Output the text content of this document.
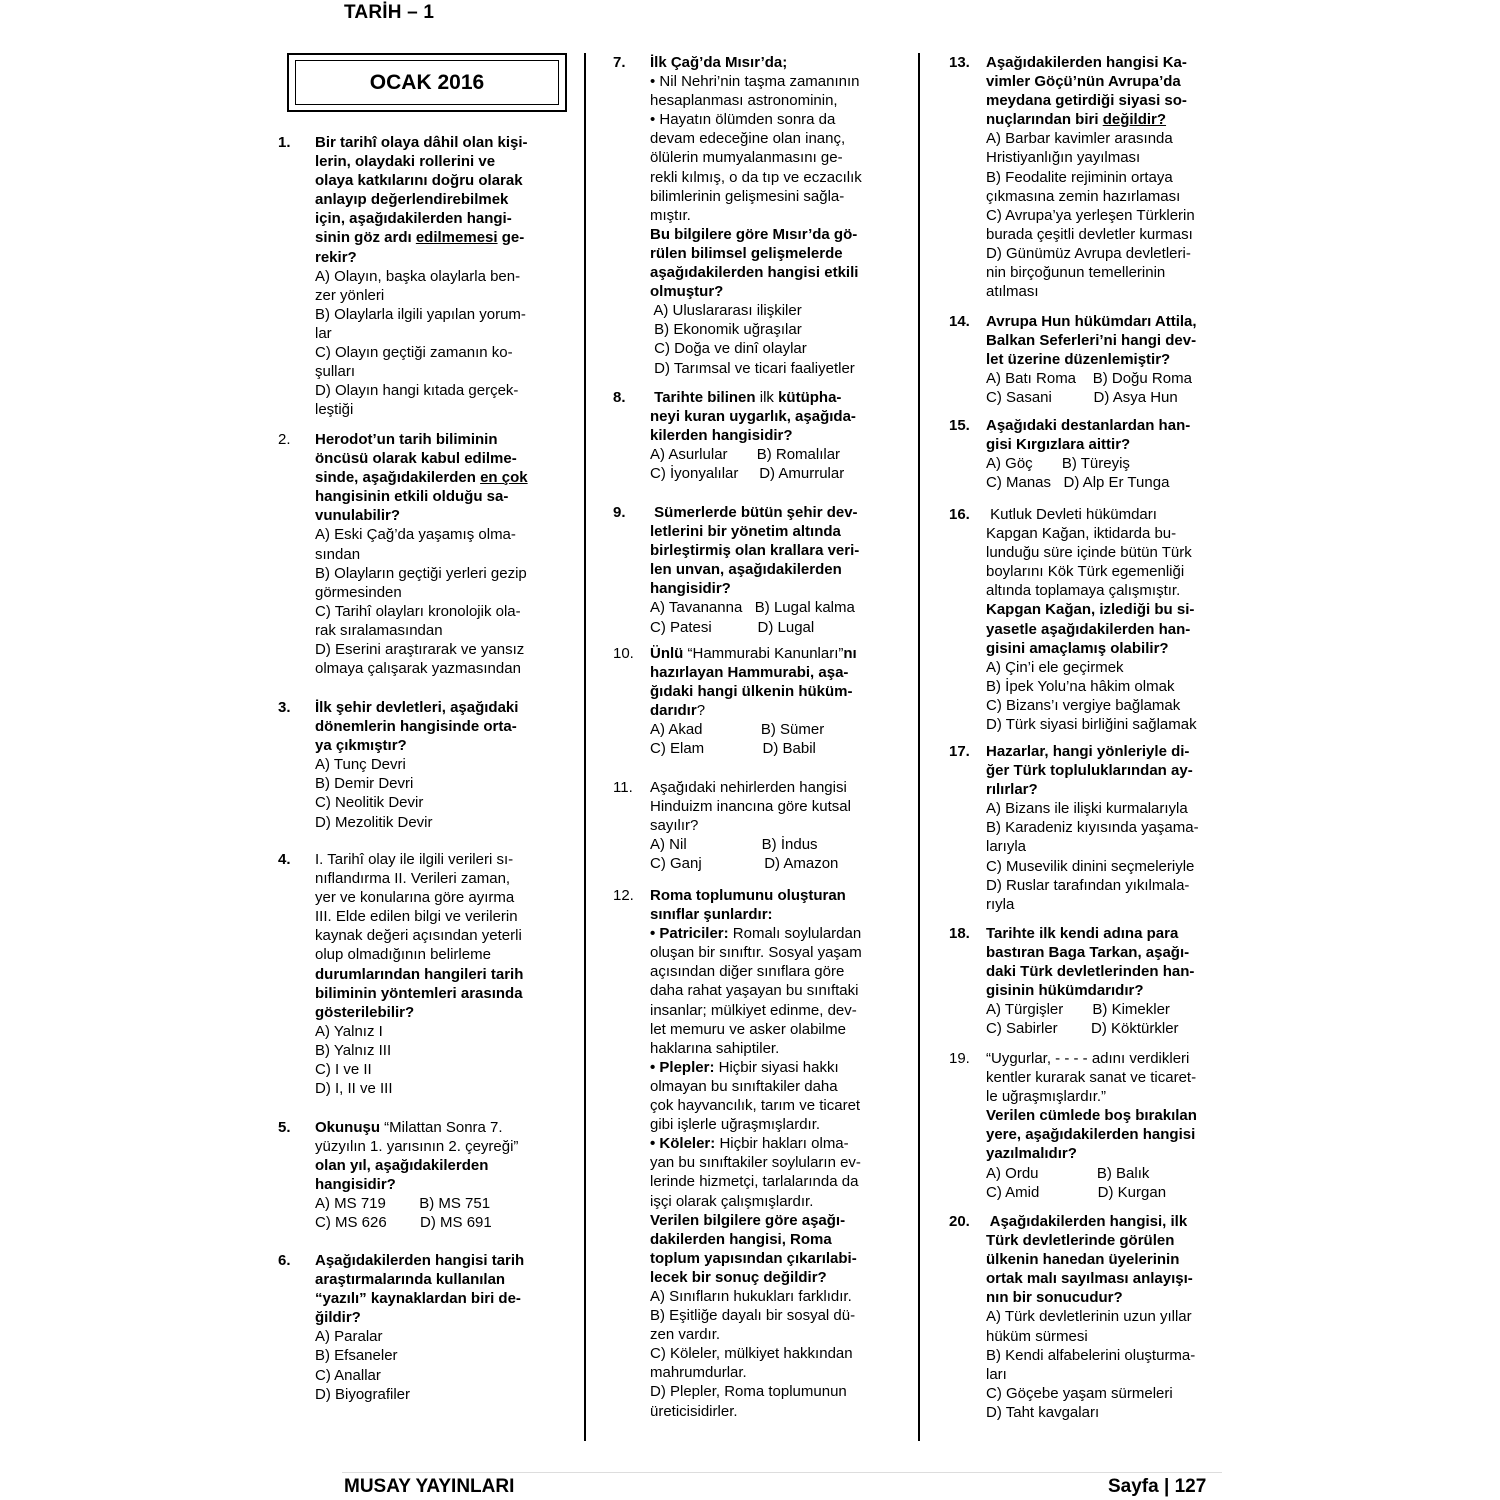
TARİH – 1
OCAK 2016
1. Bir tarihî olaya dâhil olan kişi-
lerin, olaydaki rollerini ve
olaya katkılarını doğru olarak
anlayıp değerlendirebilmek
için, aşağıdakilerden hangi-
sinin göz ardı edilmemesi ge-
rekir?
A) Olayın, başka olaylarla ben-
zer yönleri
B) Olaylarla ilgili yapılan yorum-
lar
C) Olayın geçtiği zamanın ko-
şulları
D) Olayın hangi kıtada gerçek-
leştiği
2. Herodot’un tarih biliminin
öncüsü olarak kabul edilme-
sinde, aşağıdakilerden en çok
hangisinin etkili olduğu sa-
vunulabilir?
A) Eski Çağ’da yaşamış olma-
sından
B) Olayların geçtiği yerleri gezip
görmesinden
C) Tarihî olayları kronolojik ola-
rak sıralamasından
D) Eserini araştırarak ve yansız
olmaya çalışarak yazmasından
3. İlk şehir devletleri, aşağıdaki
dönemlerin hangisinde orta-
ya çıkmıştır?
A) Tunç Devri
B) Demir Devri
C) Neolitik Devir
D) Mezolitik Devir
4. I. Tarihî olay ile ilgili verileri sı-
nıflandırma II. Verileri zaman,
yer ve konularına göre ayırma
III. Elde edilen bilgi ve verilerin
kaynak değeri açısından yeterli
olup olmadığının belirleme
durumlarından hangileri tarih
biliminin yöntemleri arasında
gösterilebilir?
A) Yalnız I
B) Yalnız III
C) I ve II
D) I, II ve III
5. Okunuşu “Milattan Sonra 7.
yüzyılın 1. yarısının 2. çeyreği”
olan yıl, aşağıdakilerden
hangisidir?
A) MS 719        B) MS 751
C) MS 626        D) MS 691
6. Aşağıdakilerden hangisi tarih
araştırmalarında kullanılan
“yazılı” kaynaklardan biri de-
ğildir?
A) Paralar
B) Efsaneler
C) Anallar
D) Biyografiler
7. İlk Çağ’da Mısır’da;
• Nil Nehri’nin taşma zamanının
hesaplanması astronominin,
• Hayatın ölümden sonra da
devam edeceğine olan inanç,
ölülerin mumyalanmasını ge-
rekli kılmış, o da tıp ve eczacılık
bilimlerinin gelişmesini sağla-
mıştır.
Bu bilgilere göre Mısır’da gö-
rülen bilimsel gelişmelerde
aşağıdakilerden hangisi etkili
olmuştur?
A) Uluslararası ilişkiler
B) Ekonomik uğraşılar
C) Doğa ve dinî olaylar
D) Tarımsal ve ticari faaliyetler
8. Tarihte bilinen ilk kütüpha-
neyi kuran uygarlık, aşağıda-
kilerden hangisidir?
A) Asurlular       B) Romalılar
C) İyonyalılar     D) Amurrular
9. Sümerlerde bütün şehir dev-
letlerini bir yönetim altında
birleştirmiş olan krallara veri-
len unvan, aşağıdakilerden
hangisidir?
A) Tavananna   B) Lugal kalma
C) Patesi           D) Lugal
10. Ünlü “Hammurabi Kanunları”nı
hazırlayan Hammurabi, aşa-
ğıdaki hangi ülkenin hüküm-
darıdır?
A) Akad              B) Sümer
C) Elam              D) Babil
11. Aşağıdaki nehirlerden hangisi
Hinduizm inancına göre kutsal
sayılır?
A) Nil                  B) İndus
C) Ganj               D) Amazon
12. Roma toplumunu oluşturan
sınıflar şunlardır:
• Patriciler: Romalı soylulardan
oluşan bir sınıftır. Sosyal yaşam
açısından diğer sınıflara göre
daha rahat yaşayan bu sınıftaki
insanlar; mülkiyet edinme, dev-
let memuru ve asker olabilme
haklarına sahiptiler.
• Plepler: Hiçbir siyasi hakkı
olmayan bu sınıftakiler daha
çok hayvancılık, tarım ve ticaret
gibi işlerle uğraşmışlardır.
• Köleler: Hiçbir hakları olma-
yan bu sınıftakiler soyluların ev-
lerinde hizmetçi, tarlalarında da
işçi olarak çalışmışlardır.
Verilen bilgilere göre aşağı-
dakilerden hangisi, Roma
toplum yapısından çıkarılabi-
lecek bir sonuç değildir?
A) Sınıfların hukukları farklıdır.
B) Eşitliğe dayalı bir sosyal dü-
zen vardır.
C) Köleler, mülkiyet hakkından
mahrumdurlar.
D) Plepler, Roma toplumunun
üreticisidirler.
13. Aşağıdakilerden hangisi Ka-
vimler Göçü’nün Avrupa’da
meydana getirdiği siyasi so-
nuçlarından biri değildir?
A) Barbar kavimler arasında
Hristiyanlığın yayılması
B) Feodalite rejiminin ortaya
çıkmasına zemin hazırlaması
C) Avrupa’ya yerleşen Türklerin
burada çeşitli devletler kurması
D) Günümüz Avrupa devletleri-
nin birçoğunun temellerinin
atılması
14. Avrupa Hun hükümdarı Attila,
Balkan Seferleri’ni hangi dev-
let üzerine düzenlemiştir?
A) Batı Roma    B) Doğu Roma
C) Sasani          D) Asya Hun
15. Aşağıdaki destanlardan han-
gisi Kırgızlara aittir?
A) Göç       B) Türeyiş
C) Manas   D) Alp Er Tunga
16. Kutluk Devleti hükümdarı
Kapgan Kağan, iktidarda bu-
lunduğu süre içinde bütün Türk
boylarını Kök Türk egemenliği
altında toplamaya çalışmıştır.
Kapgan Kağan, izlediği bu si-
yasetle aşağıdakilerden han-
gisini amaçlamış olabilir?
A) Çin’i ele geçirmek
B) İpek Yolu’na hâkim olmak
C) Bizans’ı vergiye bağlamak
D) Türk siyasi birliğini sağlamak
17. Hazarlar, hangi yönleriyle di-
ğer Türk topluluklarından ay-
rılırlar?
A) Bizans ile ilişki kurmalarıyla
B) Karadeniz kıyısında yaşama-
larıyla
C) Musevilik dinini seçmeleriyle
D) Ruslar tarafından yıkılmala-
rıyla
18. Tarihte ilk kendi adına para
bastıran Baga Tarkan, aşağı-
daki Türk devletlerinden han-
gisinin hükümdarıdır?
A) Türgişler       B) Kimekler
C) Sabirler        D) Köktürkler
19. “Uygurlar, - - - - adını verdikleri
kentler kurarak sanat ve ticaret-
le uğraşmışlardır.”
Verilen cümlede boş bırakılan
yere, aşağıdakilerden hangisi
yazılmalıdır?
A) Ordu              B) Balık
C) Amid              D) Kurgan
20. Aşağıdakilerden hangisi, ilk
Türk devletlerinde görülen
ülkenin hanedan üyelerinin
ortak malı sayılması anlayışı-
nın bir sonucudur?
A) Türk devletlerinin uzun yıllar
hüküm sürmesi
B) Kendi alfabelerini oluşturma-
ları
C) Göçebe yaşam sürmeleri
D) Taht kavgaları
MUSAY YAYINLARI	Sayfa | 127
